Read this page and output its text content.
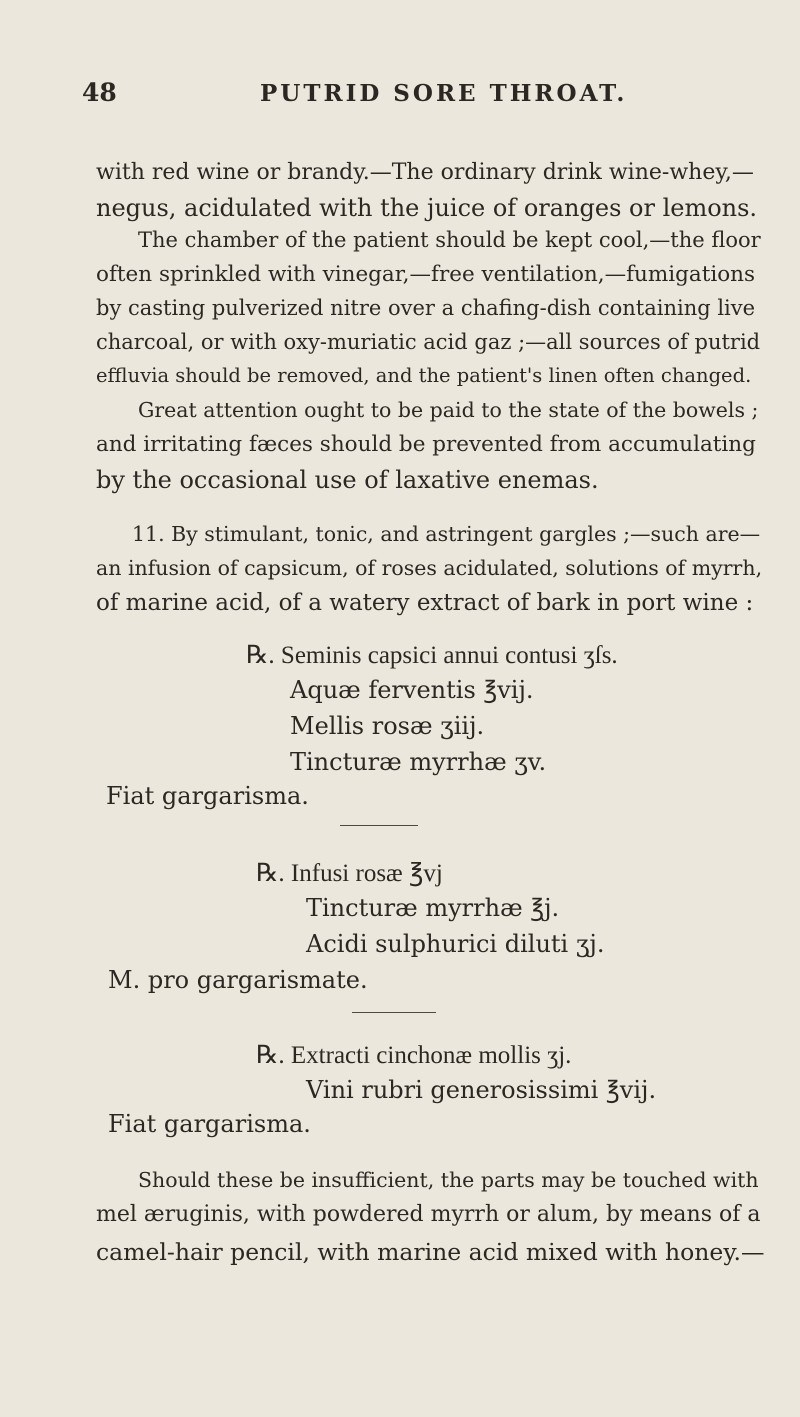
48	PUTRID SORE THROAT.
with red wine or brandy.—The ordinary drink wine-whey,—
negus, acidulated with the juice of oranges or lemons.
The chamber of the patient should be kept cool,—the floor
often sprinkled with vinegar,—free ventilation,—fumigations
by casting pulverized nitre over a chafing-dish containing live
charcoal, or with oxy-muriatic acid gaz ;—all sources of putrid
effluvia should be removed, and the patient's linen often changed.
Great attention ought to be paid to the state of the bowels ;
and irritating fæces should be prevented from accumulating
by the occasional use of laxative enemas.
11. By stimulant, tonic, and astringent gargles ;—such are—
an infusion of capsicum, of roses acidulated, solutions of myrrh,
of marine acid, of a watery extract of bark in port wine :
℞. Seminis capsici annui contusi ʒſs.
Aquæ ferventis ℥vij.
Mellis rosæ ʒiij.
Tincturæ myrrhæ ʒv.
Fiat gargarisma.
℞. Infusi rosæ ℥vj
Tincturæ myrrhæ ℥j.
Acidi sulphurici diluti ʒj.
M. pro gargarismate.
℞. Extracti cinchonæ mollis ʒj.
Vini rubri generosissimi ℥vij.
Fiat gargarisma.
Should these be insufficient, the parts may be touched with
mel æruginis, with powdered myrrh or alum, by means of a
camel-hair pencil, with marine acid mixed with honey.—
